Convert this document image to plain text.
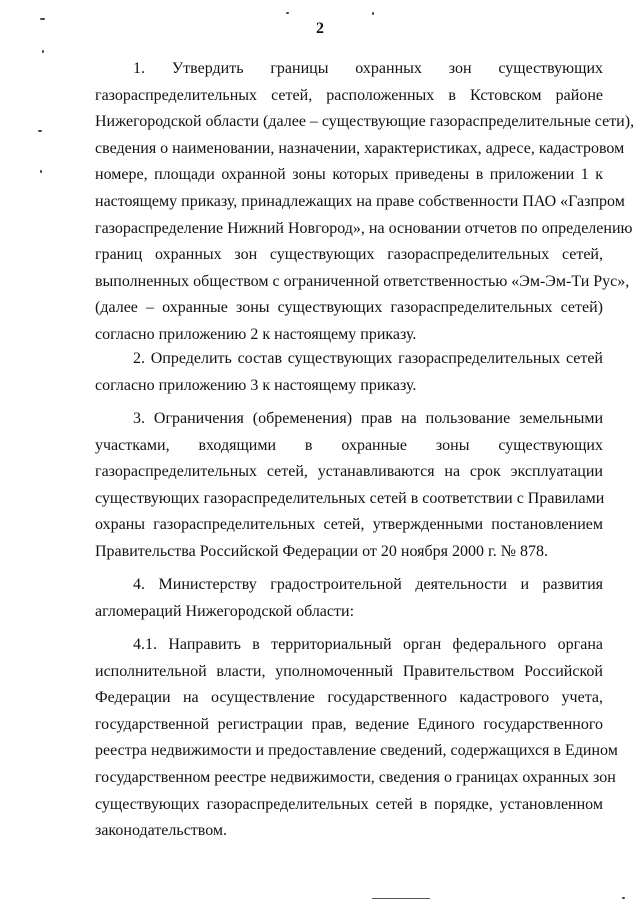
2
1. Утвердить границы охранных зон существующих
газораспределительных сетей, расположенных в Кстовском районе
Нижегородской области (далее – существующие газораспределительные сети),
сведения о наименовании, назначении, характеристиках, адресе, кадастровом
номере, площади охранной зоны которых приведены в приложении 1 к
настоящему приказу, принадлежащих на праве собственности ПАО «Газпром
газораспределение Нижний Новгород», на основании отчетов по определению
границ охранных зон существующих газораспределительных сетей,
выполненных обществом с ограниченной ответственностью «Эм-Эм-Ти Рус»,
(далее – охранные зоны существующих газораспределительных сетей)
согласно приложению 2 к настоящему приказу.
2. Определить состав существующих газораспределительных сетей
согласно приложению 3 к настоящему приказу.
3. Ограничения (обременения) прав на пользование земельными
участками, входящими в охранные зоны существующих
газораспределительных сетей, устанавливаются на срок эксплуатации
существующих газораспределительных сетей в соответствии с Правилами
охраны газораспределительных сетей, утвержденными постановлением
Правительства Российской Федерации от 20 ноября 2000 г. № 878.
4. Министерству градостроительной деятельности и развития
агломераций Нижегородской области:
4.1. Направить в территориальный орган федерального органа
исполнительной власти, уполномоченный Правительством Российской
Федерации на осуществление государственного кадастрового учета,
государственной регистрации прав, ведение Единого государственного
реестра недвижимости и предоставление сведений, содержащихся в Едином
государственном реестре недвижимости, сведения о границах охранных зон
существующих газораспределительных сетей в порядке, установленном
законодательством.
